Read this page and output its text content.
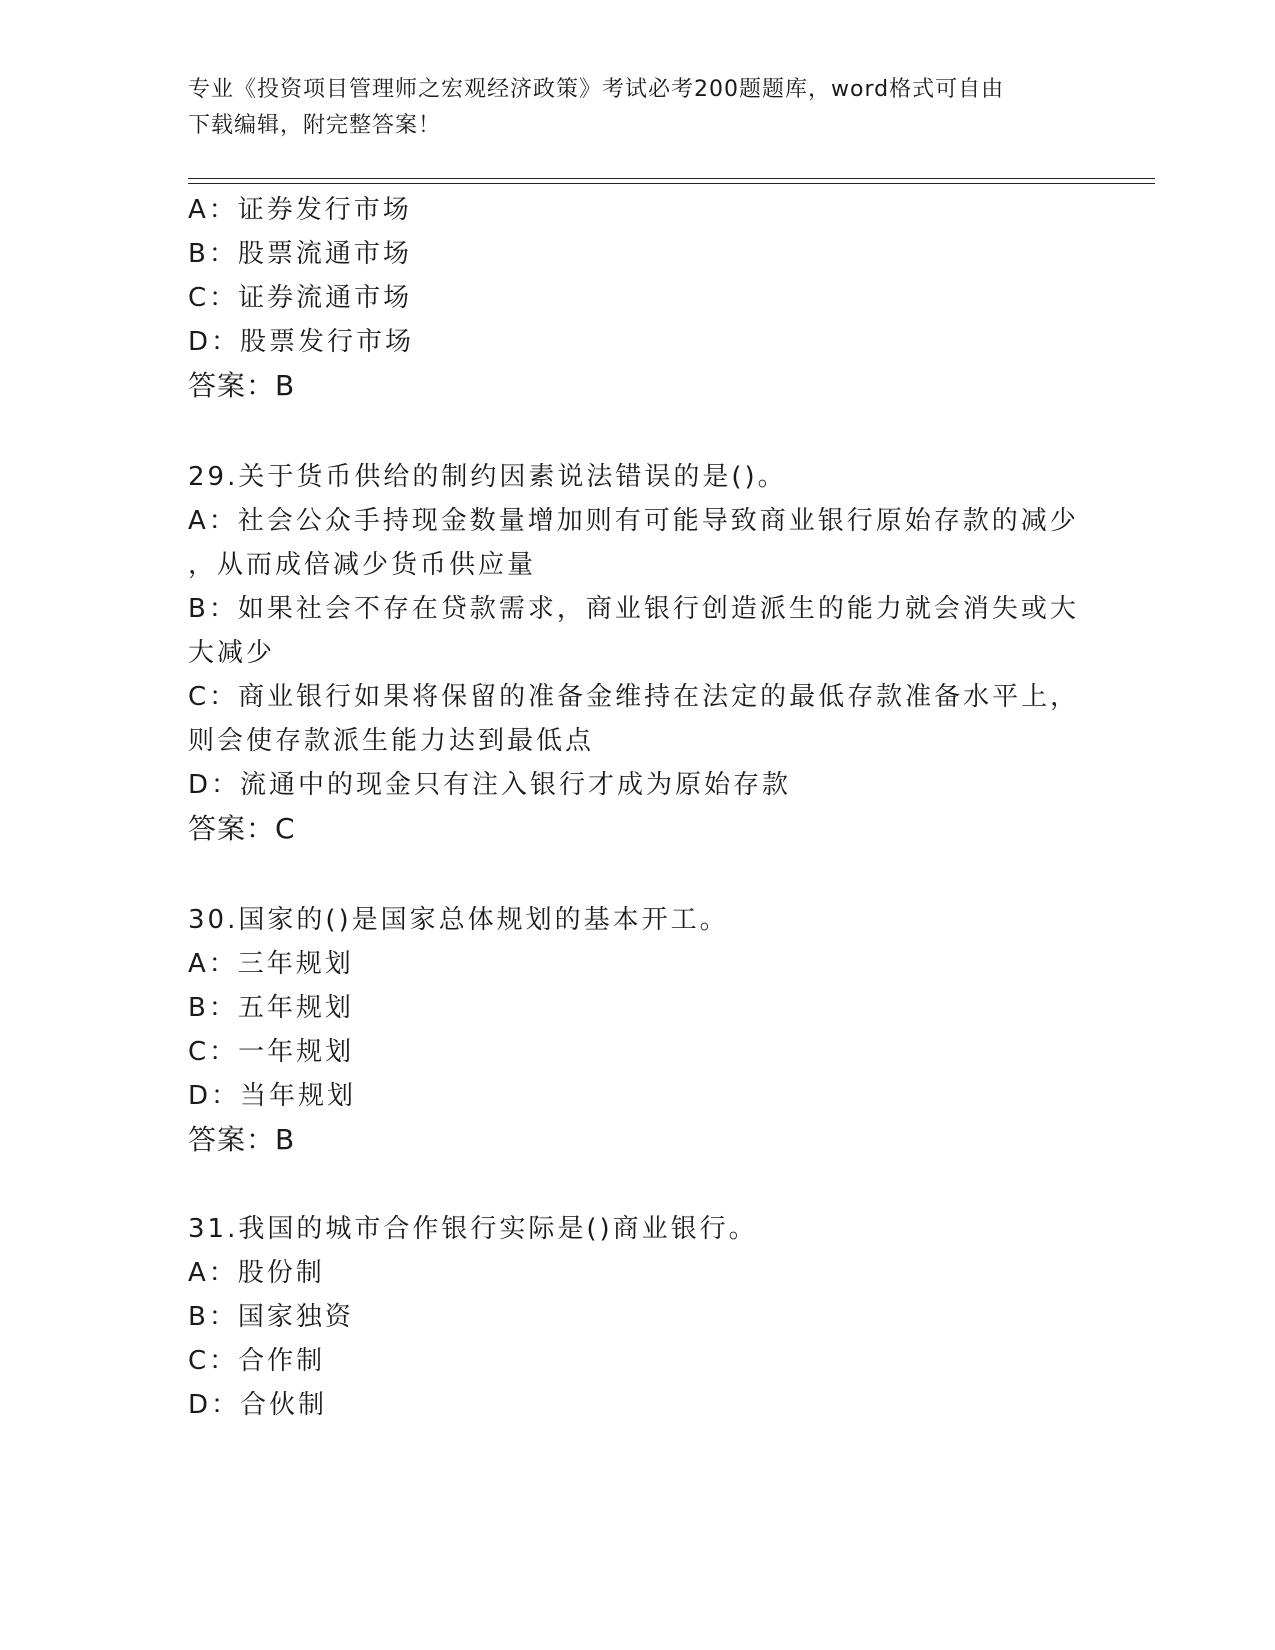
专业《投资项目管理师之宏观经济政策》考试必考200题题库，word格式可自由
下载编辑，附完整答案！
A：证券发行市场
B：股票流通市场
C：证券流通市场
D：股票发行市场
答案：B
29.关于货币供给的制约因素说法错误的是()。
A：社会公众手持现金数量增加则有可能导致商业银行原始存款的减少
，从而成倍减少货币供应量
B：如果社会不存在贷款需求，商业银行创造派生的能力就会消失或大
大减少
C：商业银行如果将保留的准备金维持在法定的最低存款准备水平上，
则会使存款派生能力达到最低点
D：流通中的现金只有注入银行才成为原始存款
答案：C
30.国家的()是国家总体规划的基本开工。
A：三年规划
B：五年规划
C：一年规划
D：当年规划
答案：B
31.我国的城市合作银行实际是()商业银行。
A：股份制
B：国家独资
C：合作制
D：合伙制
